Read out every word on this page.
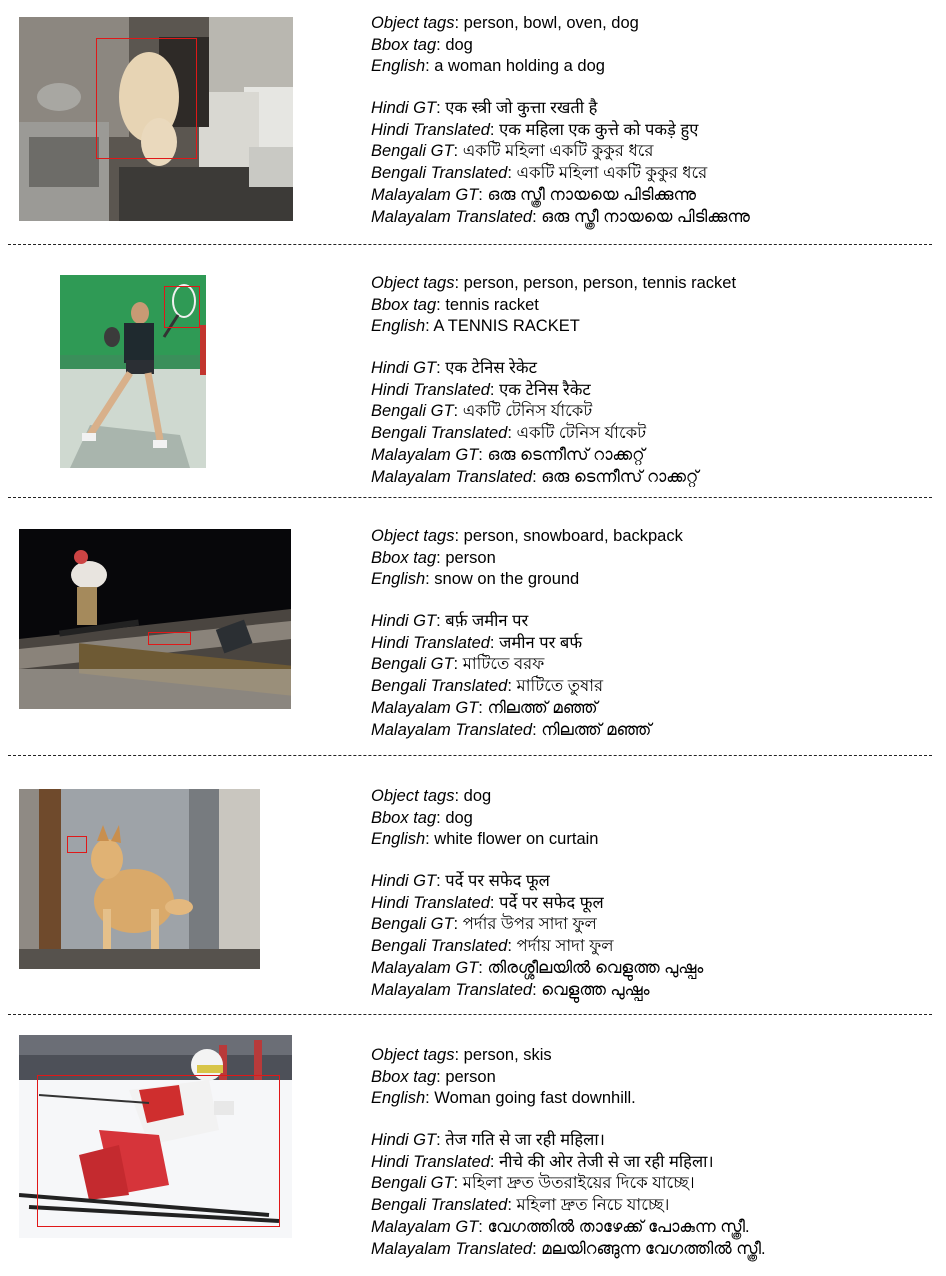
Object tags: person, bowl, oven, dog
Bbox tag: dog
English: a woman holding a dog
Hindi GT: एक स्त्री जो कुत्ता रखती है
Hindi Translated: एक महिला एक कुत्ते को पकड़े हुए
Bengali GT: একটি মহিলা একটি কুকুর ধরে
Bengali Translated: একটি মহিলা একটি কুকুর ধরে
Malayalam GT: ഒരു സ്ത്രീ നായയെ പിടിക്കുന്നു
Malayalam Translated: ഒരു സ്ത്രീ നായയെ പിടിക്കുന്നു
Object tags: person, person, person, tennis racket
Bbox tag: tennis racket
English: A TENNIS RACKET
Hindi GT: एक टेनिस रेकेट
Hindi Translated: एक टेनिस रैकेट
Bengali GT: একটি টেনিস র্যাকেট
Bengali Translated: একটি টেনিস র্যাকেট
Malayalam GT: ഒരു ടെന്നീസ് റാക്കറ്റ്
Malayalam Translated: ഒരു ടെന്നീസ് റാക്കറ്റ്
Object tags: person, snowboard, backpack
Bbox tag: person
English: snow on the ground
Hindi GT: बर्फ़ जमीन पर
Hindi Translated: जमीन पर बर्फ
Bengali GT: মাটিতে বরফ
Bengali Translated: মাটিতে তুষার
Malayalam GT: നിലത്ത് മഞ്ഞ്
Malayalam Translated: നിലത്ത് മഞ്ഞ്
Object tags: dog
Bbox tag: dog
English: white flower on curtain
Hindi GT: पर्दे पर सफेद फूल
Hindi Translated: पर्दे पर सफेद फूल
Bengali GT: পর্দার উপর সাদা ফুল
Bengali Translated: পর্দায় সাদা ফুল
Malayalam GT: തിരശ്ശീലയിൽ വെളുത്ത പുഷ്പം
Malayalam Translated: വെളുത്ത പുഷ്പം
Object tags: person, skis
Bbox tag: person
English: Woman going fast downhill.
Hindi GT: तेज गति से जा रही महिला।
Hindi Translated: नीचे की ओर तेजी से जा रही महिला।
Bengali GT: মহিলা দ্রুত উতরাইয়ের দিকে যাচ্ছে।
Bengali Translated: মহিলা দ্রুত নিচে যাচ্ছে।
Malayalam GT: വേഗത്തിൽ താഴേക്ക് പോകുന്ന സ്ത്രീ.
Malayalam Translated: മലയിറങ്ങുന്ന വേഗത്തിൽ സ്ത്രീ.
